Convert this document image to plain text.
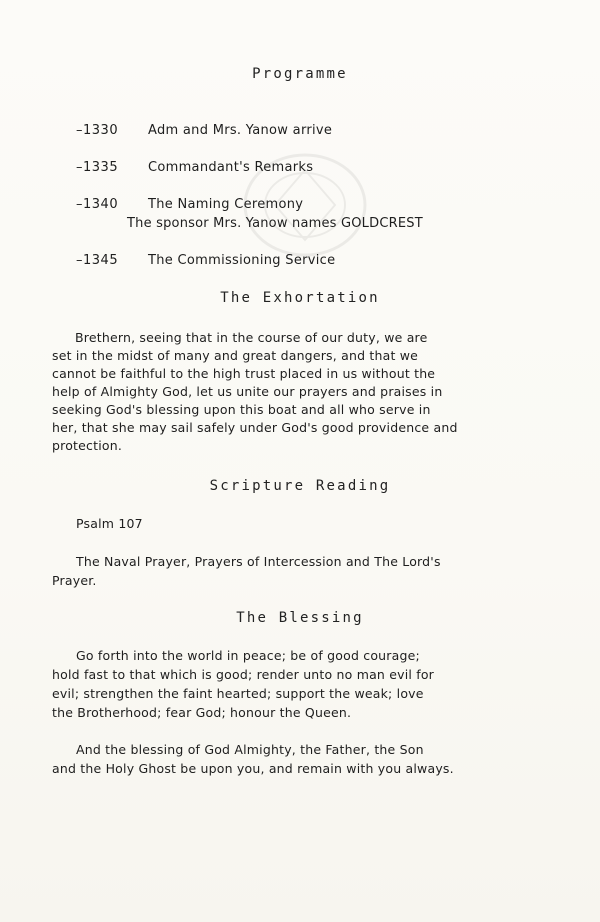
Programme
–1330 Adm and Mrs. Yanow arrive
–1335 Commandant's Remarks
–1340 The Naming Ceremony
The sponsor Mrs. Yanow names GOLDCREST
–1345 The Commissioning Service
The Exhortation
Brethern, seeing that in the course of our duty, we are
set in the midst of many and great dangers, and that we
cannot be faithful to the high trust placed in us without the
help of Almighty God, let us unite our prayers and praises in
seeking God's blessing upon this boat and all who serve in
her, that she may sail safely under God's good providence and
protection.
Scripture Reading
Psalm 107
The Naval Prayer, Prayers of Intercession and The Lord's
Prayer.
The Blessing
Go forth into the world in peace; be of good courage;
hold fast to that which is good; render unto no man evil for
evil; strengthen the faint hearted; support the weak; love
the Brotherhood; fear God; honour the Queen.
And the blessing of God Almighty, the Father, the Son
and the Holy Ghost be upon you, and remain with you always.
